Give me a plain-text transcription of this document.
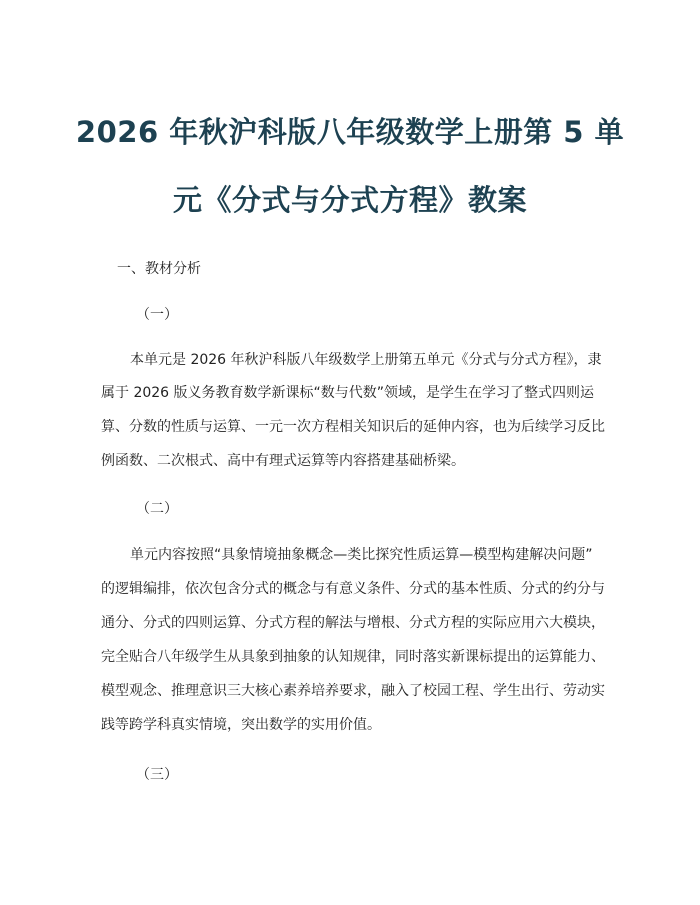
2026 年秋沪科版八年级数学上册第 5 单
元《分式与分式方程》教案
一、教材分析
（一）
本单元是 2026 年秋沪科版八年级数学上册第五单元《分式与分式方程》，隶
属于 2026 版义务教育数学新课标“数与代数”领域，是学生在学习了整式四则运
算、分数的性质与运算、一元一次方程相关知识后的延伸内容，也为后续学习反比
例函数、二次根式、高中有理式运算等内容搭建基础桥梁。
（二）
单元内容按照“具象情境抽象概念—类比探究性质运算—模型构建解决问题”
的逻辑编排，依次包含分式的概念与有意义条件、分式的基本性质、分式的约分与
通分、分式的四则运算、分式方程的解法与增根、分式方程的实际应用六大模块，
完全贴合八年级学生从具象到抽象的认知规律，同时落实新课标提出的运算能力、
模型观念、推理意识三大核心素养培养要求，融入了校园工程、学生出行、劳动实
践等跨学科真实情境，突出数学的实用价值。
（三）
